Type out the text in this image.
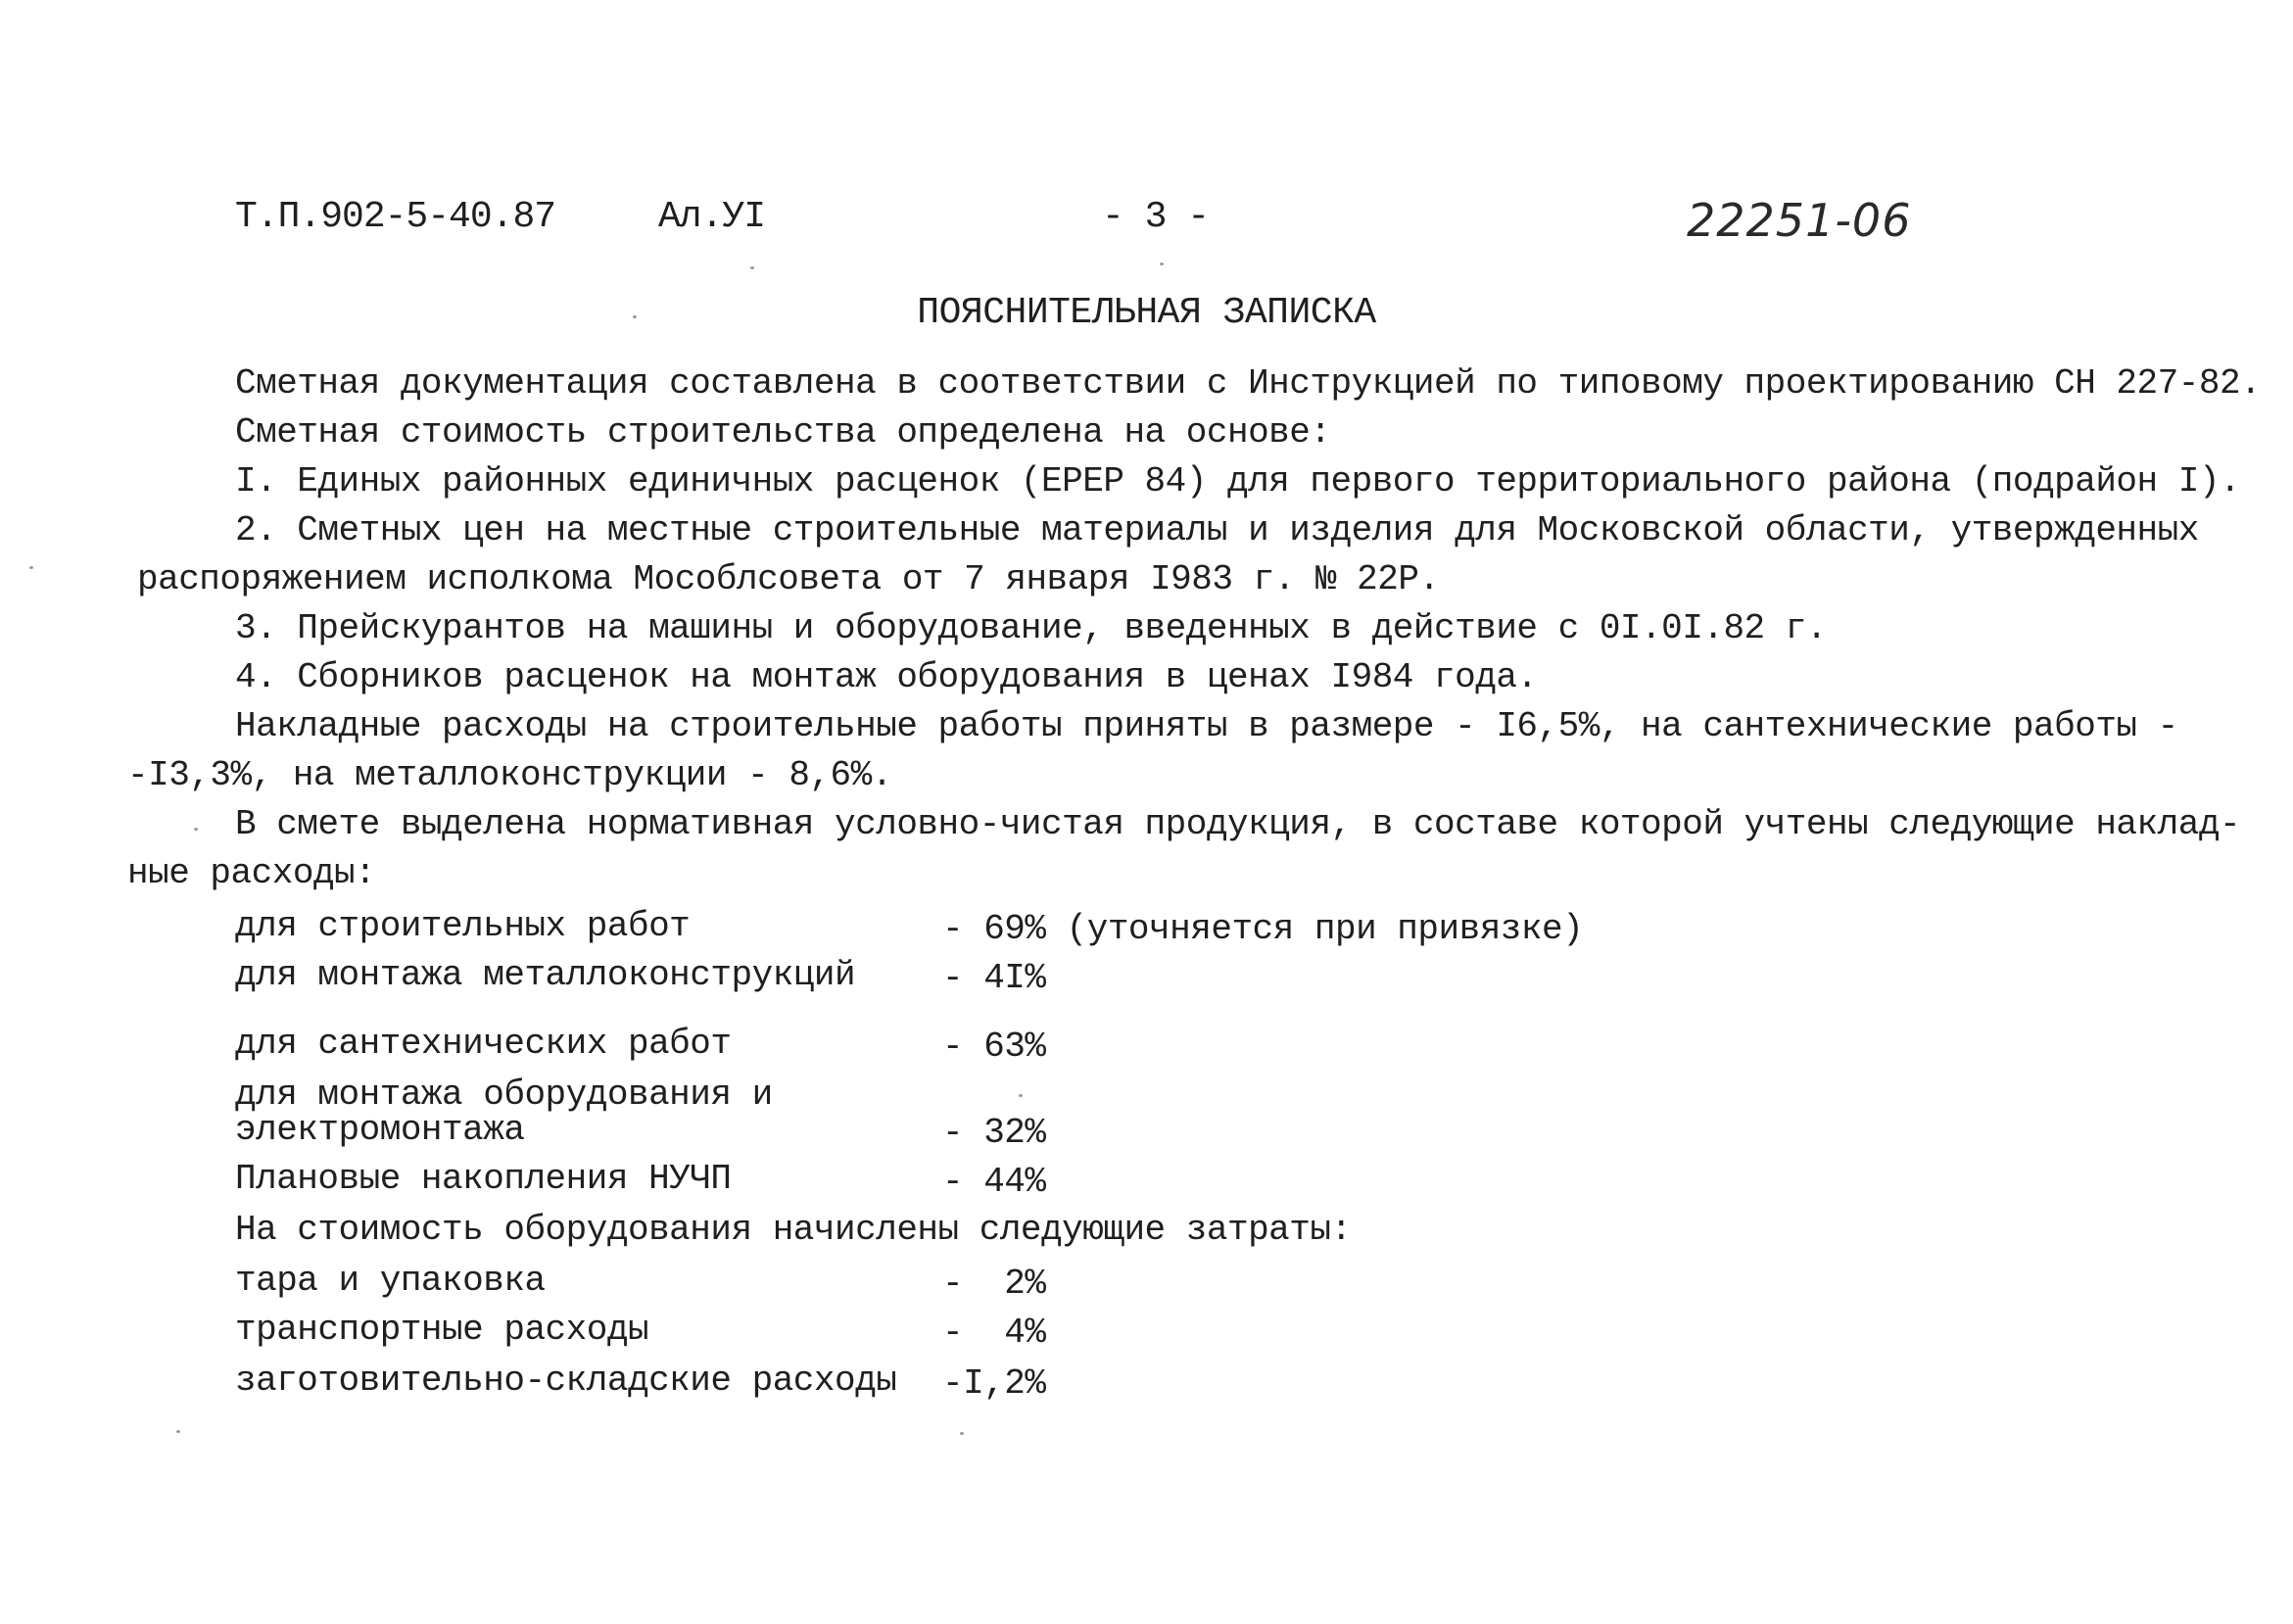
Т.П.902-5-40.87	Ал.УI	- 3 -	22251-06
ПОЯСНИТЕЛЬНАЯ ЗАПИСКА
Сметная документация составлена в соответствии с Инструкцией по типовому проектированию СН 227-82.
Сметная стоимость строительства определена на основе:
I. Единых районных единичных расценок (ЕРЕР 84) для первого территориального района (подрайон I).
2. Сметных цен на местные строительные материалы и изделия для Московской области, утвержденных
распоряжением исполкома Мособлсовета от 7 января I983 г. № 22Р.
3. Прейскурантов на машины и оборудование, введенных в действие с 0I.0I.82 г.
4. Сборников расценок на монтаж оборудования в ценах I984 года.
Накладные расходы на строительные работы приняты в размере - I6,5%, на сантехнические работы -
-I3,3%, на металлоконструкции - 8,6%.
В смете выделена нормативная условно-чистая продукция, в составе которой учтены следующие наклад-
ные расходы:
для строительных работ	- 69% (уточняется при привязке)
для монтажа металлоконструкций - 4I%
для сантехнических работ	- 63%
для монтажа оборудования и
электромонтажа	- 32%
Плановые накопления НУЧП	- 44%
На стоимость оборудования начислены следующие затраты:
тара и упаковка	-  2%
транспортные расходы	-  4%
заготовительно-складские расходы -I,2%
